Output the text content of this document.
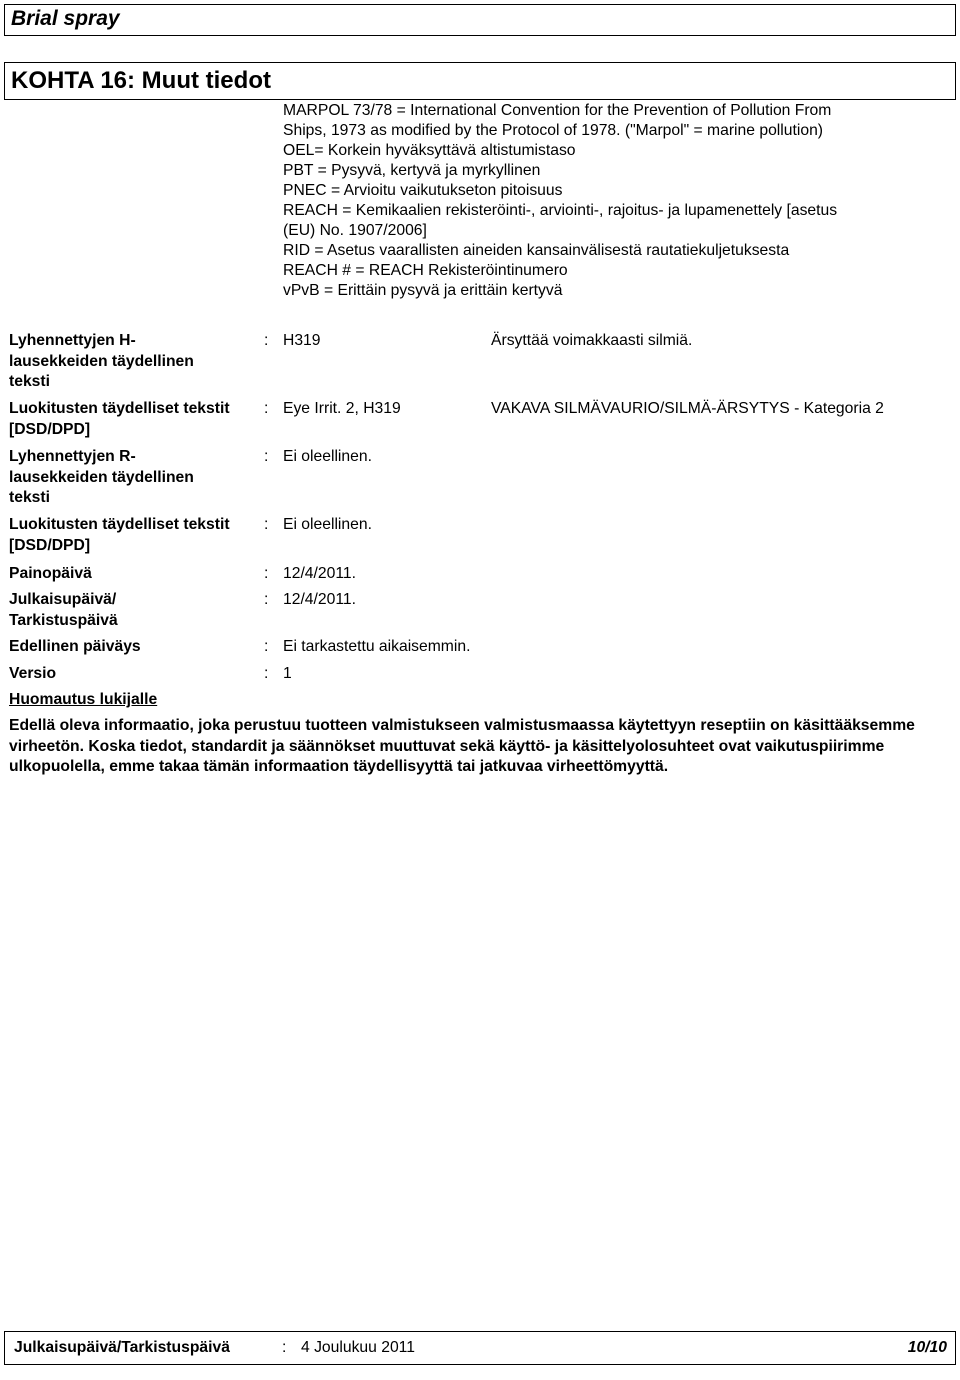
Brial spray
KOHTA 16: Muut tiedot
MARPOL 73/78 = International Convention for the Prevention of Pollution From
Ships, 1973 as modified by the Protocol of 1978. ("Marpol" = marine pollution)
OEL= Korkein hyväksyttävä altistumistaso
PBT = Pysyvä, kertyvä ja myrkyllinen
PNEC = Arvioitu vaikutukseton pitoisuus
REACH = Kemikaalien rekisteröinti-, arviointi-, rajoitus- ja lupamenettely [asetus
(EU) No. 1907/2006]
RID = Asetus vaarallisten aineiden kansainvälisestä rautatiekuljetuksesta
REACH # = REACH Rekisteröintinumero
vPvB = Erittäin pysyvä ja erittäin kertyvä
Lyhennettyjen H-lausekkeiden täydellinen teksti
: H319	Ärsyttää voimakkaasti silmiä.
Luokitusten täydelliset tekstit [DSD/DPD]
: Eye Irrit. 2, H319	VAKAVA SILMÄVAURIO/SILMÄ-ÄRSYTYS - Kategoria 2
Lyhennettyjen R-lausekkeiden täydellinen teksti
: Ei oleellinen.
Luokitusten täydelliset tekstit [DSD/DPD]
: Ei oleellinen.
Painopäivä	: 12/4/2011.
Julkaisupäivä/ Tarkistuspäivä
: 12/4/2011.
Edellinen päiväys	: Ei tarkastettu aikaisemmin.
Versio	: 1
Huomautus lukijalle
Edellä oleva informaatio, joka perustuu tuotteen valmistukseen valmistusmaassa käytettyyn reseptiin on käsittääksemme virheetön. Koska tiedot, standardit ja säännökset muuttuvat sekä käyttö- ja käsittelyolosuhteet ovat vaikutuspiirimme ulkopuolella, emme takaa tämän informaation täydellisyyttä tai jatkuvaa virheettömyyttä.
Julkaisupäivä/Tarkistuspäivä	: 4 Joulukuu 2011	10/10
